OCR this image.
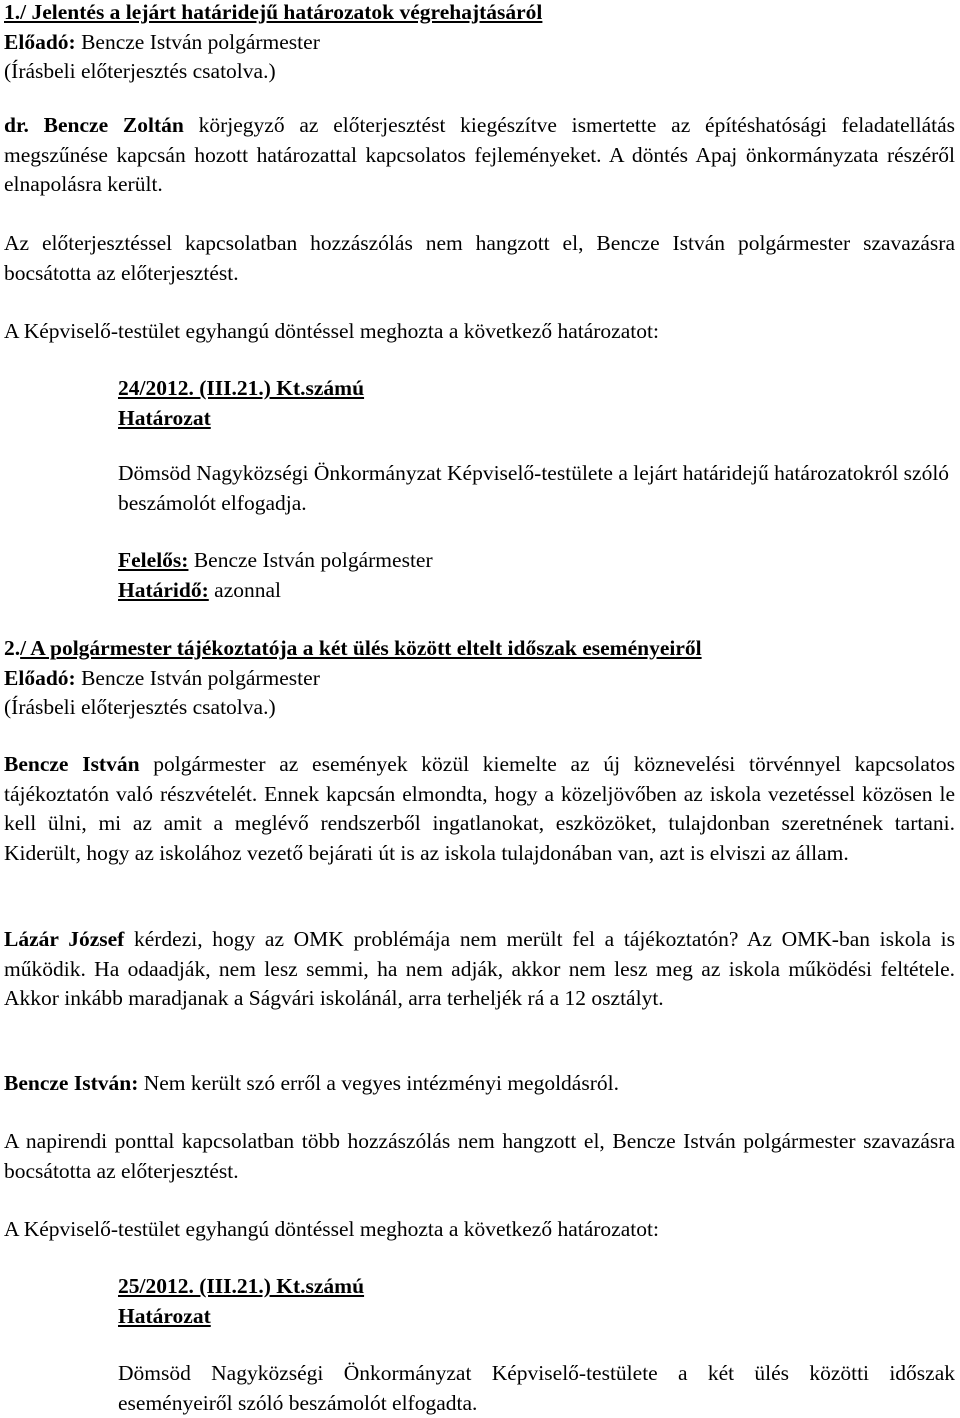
1./ Jelentés a lejárt határidejű határozatok végrehajtásáról

Előadó: Bencze István polgármester

(Írásbeli előterjesztés csatolva.)

dr. Bencze Zoltán körjegyző az előterjesztést kiegészítve ismertette az építéshatósági feladatellátás megszűnése kapcsán hozott határozattal kapcsolatos fejleményeket. A döntés Apaj önkormányzata részéről elnapolásra került.
Az előterjesztéssel kapcsolatban hozzászólás nem hangzott el, Bencze István polgármester szavazásra bocsátotta az előterjesztést.
A Képviselő-testület egyhangú döntéssel meghozta a következő határozatot:

24/2012. (III.21.) Kt.számú

Határozat

Dömsöd Nagyközségi Önkormányzat Képviselő-testülete a lejárt határidejű határozatokról szóló beszámolót elfogadja.

Felelős: Bencze István polgármester

Határidő: azonnal

2./ A polgármester tájékoztatója a két ülés között eltelt időszak eseményeiről

Előadó: Bencze István polgármester

(Írásbeli előterjesztés csatolva.)

Bencze István polgármester az események közül kiemelte az új köznevelési törvénnyel kapcsolatos tájékoztatón való részvételét. Ennek kapcsán elmondta, hogy a közeljövőben az iskola vezetéssel közösen le kell ülni, mi az amit a meglévő rendszerből ingatlanokat, eszközöket, tulajdonban szeretnének tartani. Kiderült, hogy az iskolához vezető bejárati út is az iskola tulajdonában van, azt is elviszi az állam.
Lázár József kérdezi, hogy az OMK problémája nem merült fel a tájékoztatón? Az OMK-ban iskola is működik. Ha odaadják, nem lesz semmi, ha nem adják, akkor nem lesz meg az iskola működési feltétele. Akkor inkább maradjanak a Ságvári iskolánál, arra terheljék rá a 12 osztályt.
Bencze István: Nem került szó erről a vegyes intézményi megoldásról.
A napirendi ponttal kapcsolatban több hozzászólás nem hangzott el, Bencze István polgármester szavazásra bocsátotta az előterjesztést.
A Képviselő-testület egyhangú döntéssel meghozta a következő határozatot:

25/2012. (III.21.) Kt.számú

Határozat

Dömsöd Nagyközségi Önkormányzat Képviselő-testülete a két ülés közötti időszak eseményeiről szóló beszámolót elfogadta.
